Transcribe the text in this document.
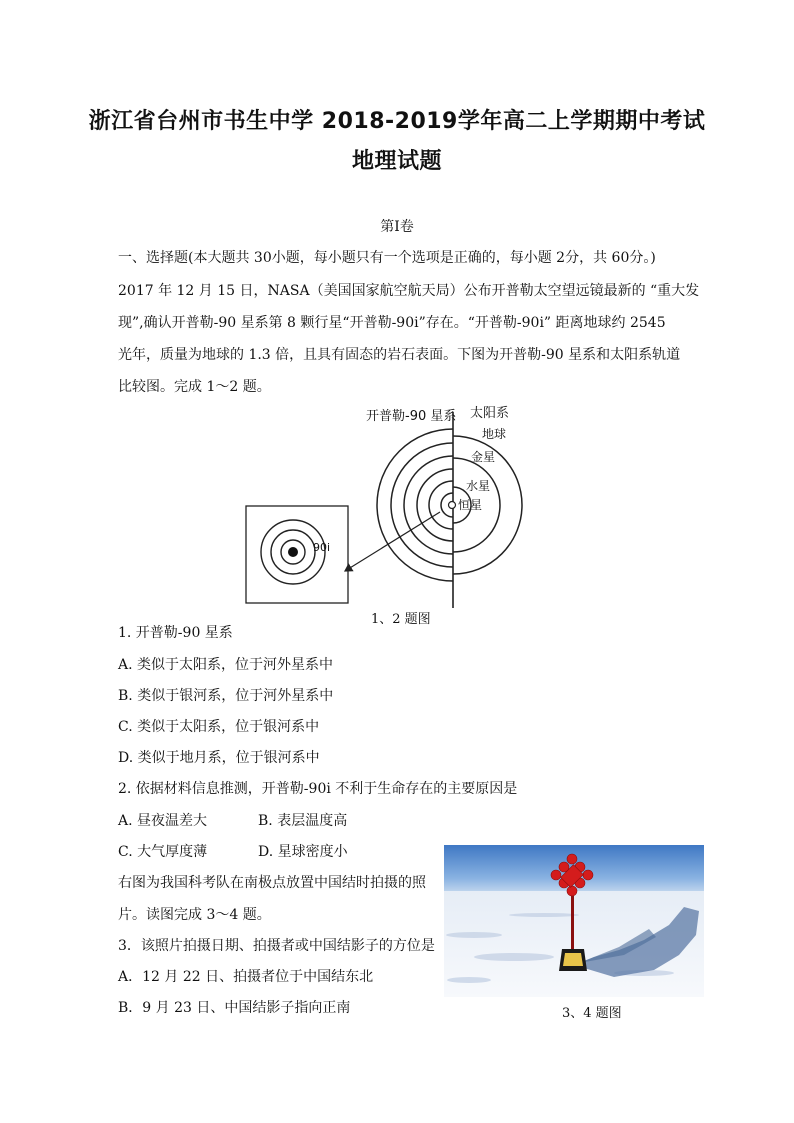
浙江省台州市书生中学 2018-2019学年高二上学期期中考试
地理试题
第Ⅰ卷
一、选择题(本大题共 30小题，每小题只有一个选项是正确的，每小题 2分，共 60分。)
2017 年 12 月 15 日，NASA（美国国家航空航天局）公布开普勒太空望远镜最新的 “重大发
现”,确认开普勒-90 星系第 8 颗行星“开普勒-90i”存在。“开普勒-90i” 距离地球约 2545
光年，质量为地球的 1.3 倍，且具有固态的岩石表面。下图为开普勒-90 星系和太阳系轨道
比较图。完成 1～2 题。
开普勒-90 星系 太阳系
地球
金星
水星
恒星
90i
1、2 题图
1. 开普勒-90 星系
A. 类似于太阳系，位于河外星系中
B. 类似于银河系，位于河外星系中
C. 类似于太阳系，位于银河系中
D. 类似于地月系，位于银河系中
2. 依据材料信息推测，开普勒-90i 不利于生命存在的主要原因是
A. 昼夜温差大	B. 表层温度高
C. 大气厚度薄	D. 星球密度小
右图为我国科考队在南极点放置中国结时拍摄的照
片。读图完成 3～4 题。
3．该照片拍摄日期、拍摄者或中国结影子的方位是
A．12 月 22 日、拍摄者位于中国结东北
B．9 月 23 日、中国结影子指向正南	3、4 题图
